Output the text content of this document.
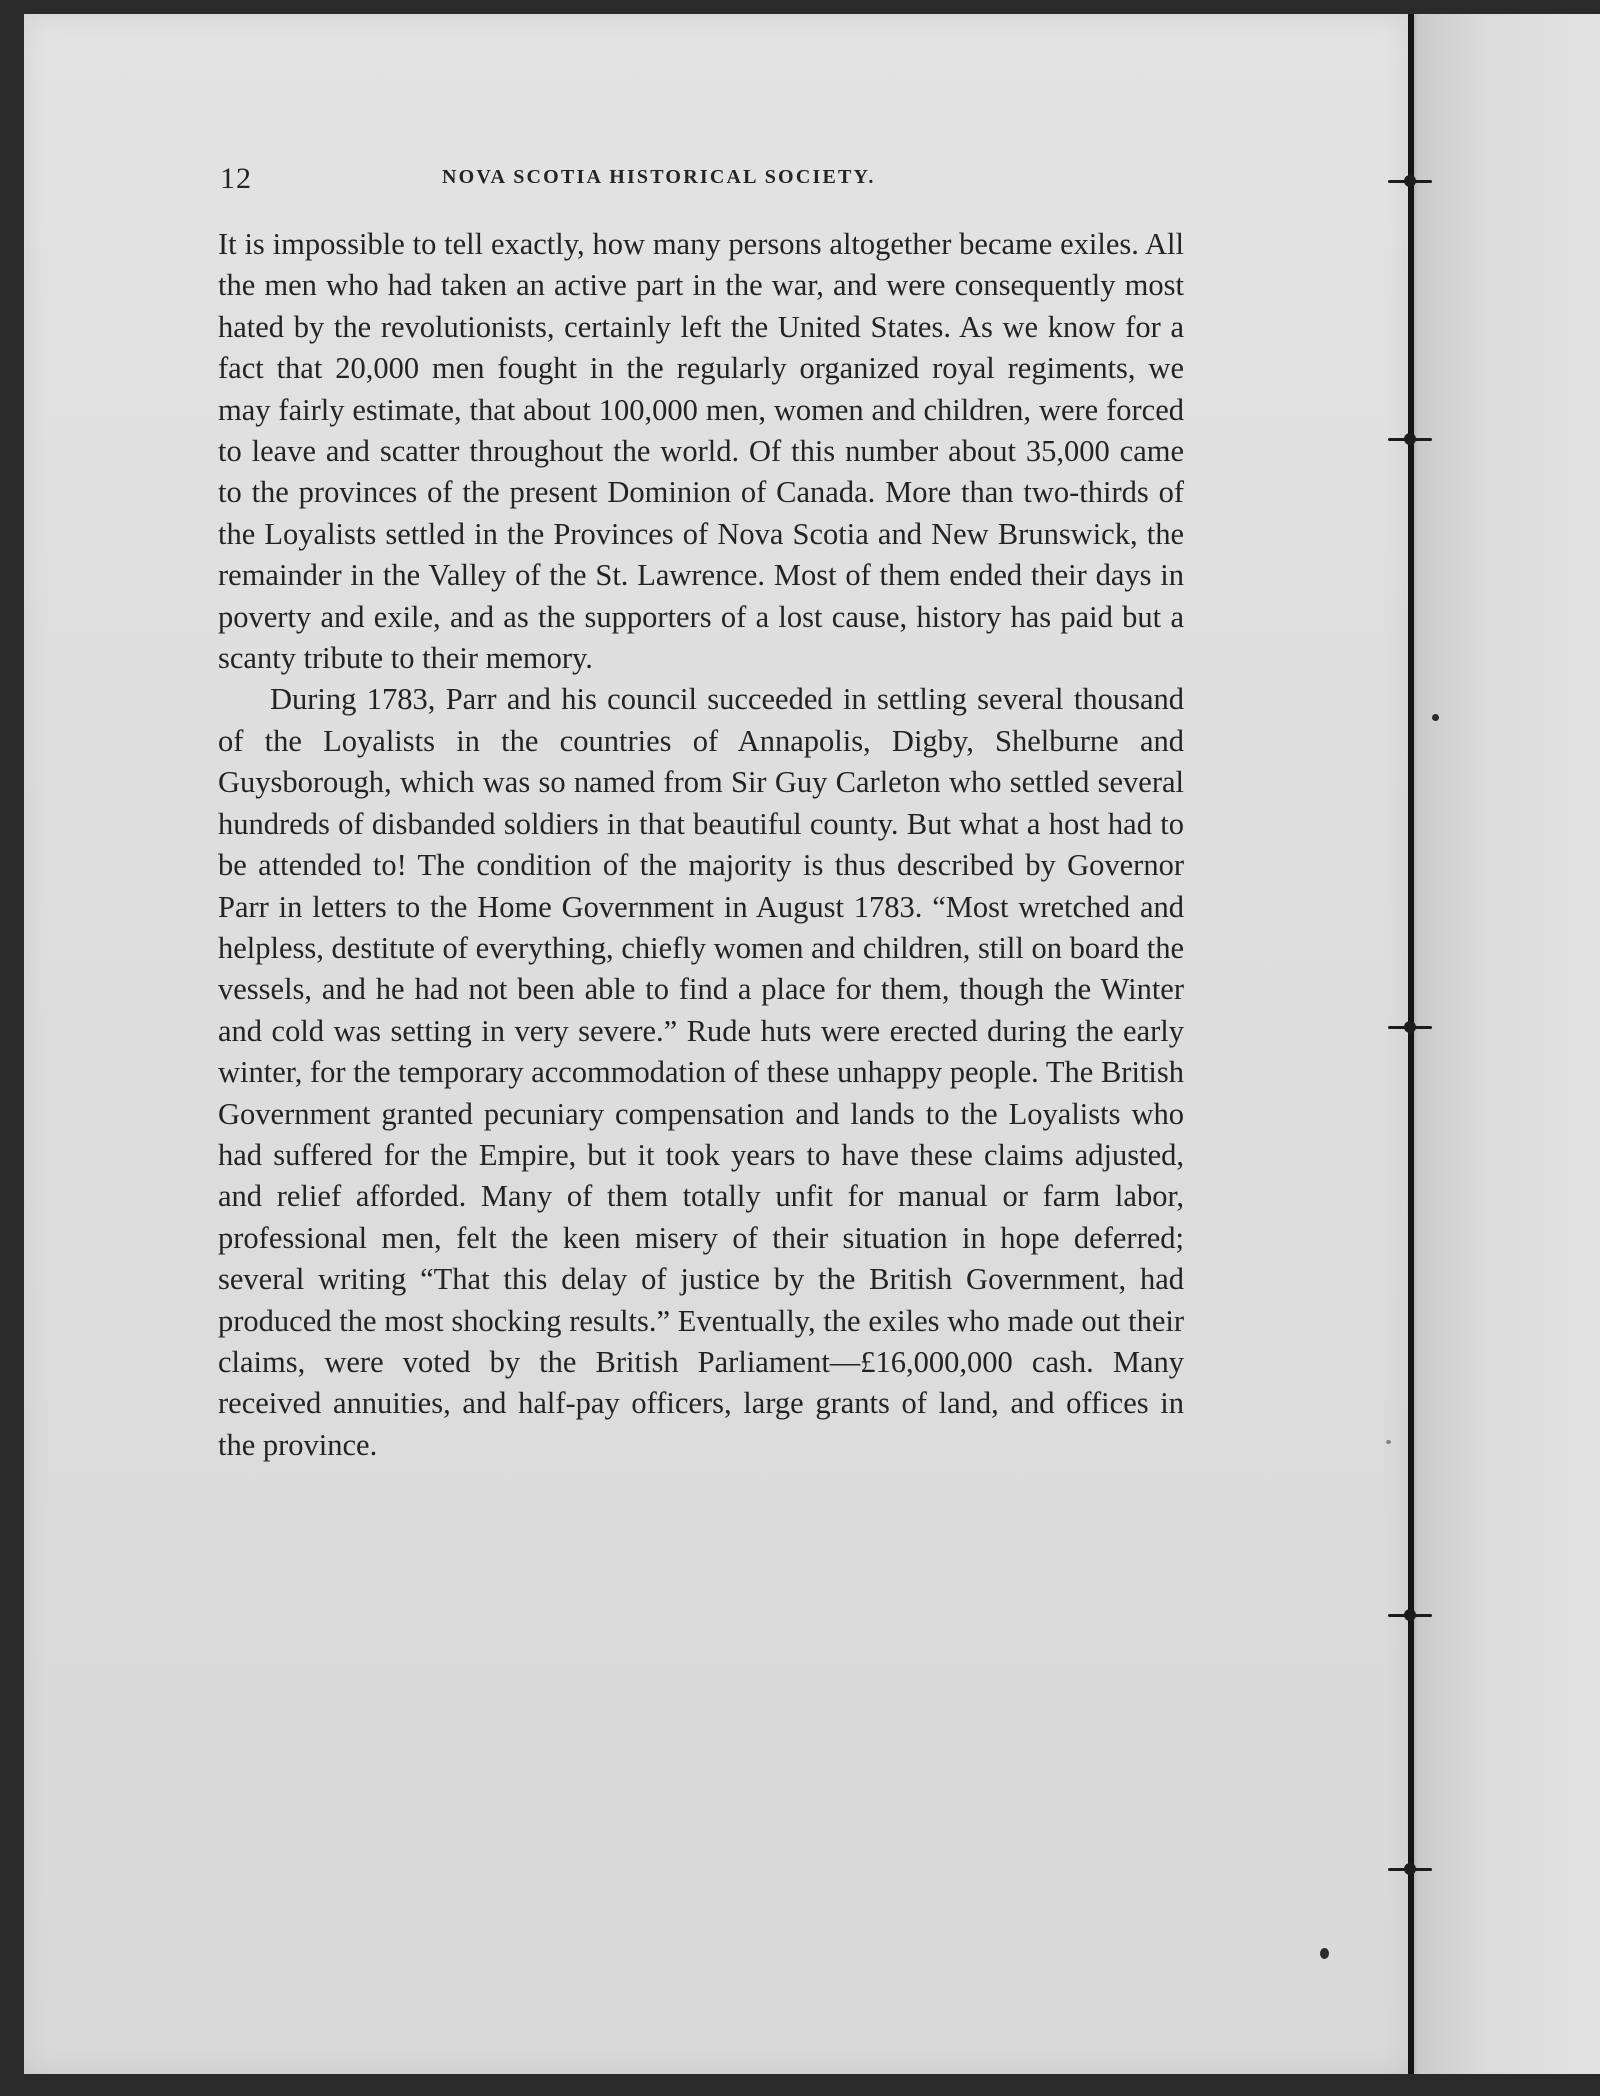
12	NOVA SCOTIA HISTORICAL SOCIETY.

It is impossible to tell exactly, how many persons altogether became exiles. All the men who had taken an active part in the war, and were consequently most hated by the revolutionists, certainly left the United States. As we know for a fact that 20,000 men fought in the regularly organized royal regiments, we may fairly estimate, that about 100,000 men, women and children, were forced to leave and scatter throughout the world. Of this number about 35,000 came to the provinces of the present Dominion of Canada. More than two-thirds of the Loyalists settled in the Provinces of Nova Scotia and New Brunswick, the remainder in the Valley of the St. Lawrence. Most of them ended their days in poverty and exile, and as the supporters of a lost cause, history has paid but a scanty tribute to their memory.

During 1783, Parr and his council succeeded in settling several thousand of the Loyalists in the countries of Annapolis, Digby, Shelburne and Guysborough, which was so named from Sir Guy Carleton who settled several hundreds of disbanded soldiers in that beautiful county. But what a host had to be attended to! The condition of the majority is thus described by Governor Parr in letters to the Home Government in August 1783. “Most wretched and helpless, destitute of everything, chiefly women and children, still on board the vessels, and he had not been able to find a place for them, though the Winter and cold was setting in very severe.” Rude huts were erected during the early winter, for the temporary accommodation of these unhappy people. The British Government granted pecuniary compensation and lands to the Loyalists who had suffered for the Empire, but it took years to have these claims adjusted, and relief afforded. Many of them totally unfit for manual or farm labor, professional men, felt the keen misery of their situation in hope deferred; several writing “That this delay of justice by the British Government, had produced the most shocking results.” Eventually, the exiles who made out their claims, were voted by the British Parliament—£16,000,000 cash. Many received annuities, and half-pay officers, large grants of land, and offices in the province.
